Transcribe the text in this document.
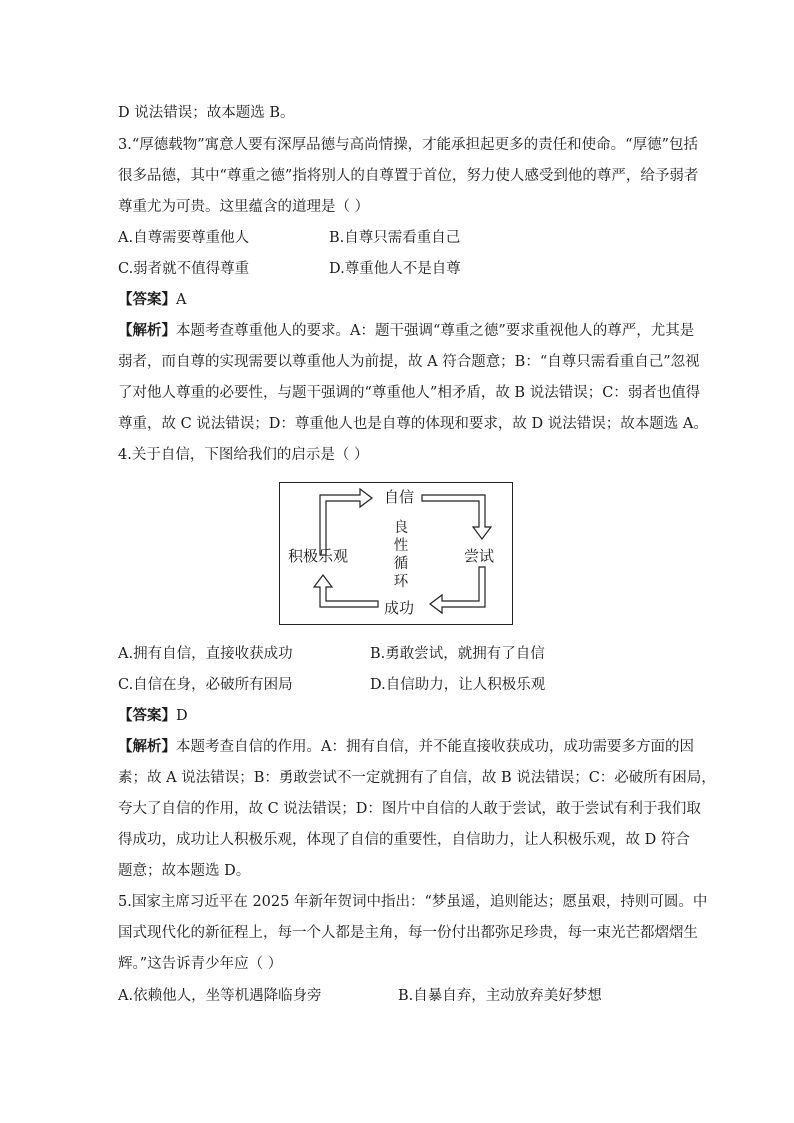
D 说法错误；故本题选 B。
3.“厚德载物”寓意人要有深厚品德与高尚情操，才能承担起更多的责任和使命。“厚德”包括
很多品德，其中“尊重之德”指将别人的自尊置于首位，努力使人感受到他的尊严，给予弱者
尊重尤为可贵。这里蕴含的道理是（ ）
A.自尊需要尊重他人	B.自尊只需看重自己
C.弱者就不值得尊重	D.尊重他人不是自尊
【答案】A
【解析】本题考查尊重他人的要求。A：题干强调“尊重之德”要求重视他人的尊严，尤其是
弱者，而自尊的实现需要以尊重他人为前提，故 A 符合题意；B：“自尊只需看重自己”忽视
了对他人尊重的必要性，与题干强调的“尊重他人”相矛盾，故 B 说法错误；C：弱者也值得
尊重，故 C 说法错误；D：尊重他人也是自尊的体现和要求，故 D 说法错误；故本题选 A。
4.关于自信，下图给我们的启示是（ ）
自信
尝试
成功
积极乐观
良
性
循
环
A.拥有自信，直接收获成功	B.勇敢尝试，就拥有了自信
C.自信在身，必破所有困局	D.自信助力，让人积极乐观
【答案】D
【解析】本题考查自信的作用。A：拥有自信，并不能直接收获成功，成功需要多方面的因
素；故 A 说法错误；B：勇敢尝试不一定就拥有了自信，故 B 说法错误；C：必破所有困局，
夸大了自信的作用，故 C 说法错误；D：图片中自信的人敢于尝试，敢于尝试有利于我们取
得成功，成功让人积极乐观，体现了自信的重要性，自信助力，让人积极乐观，故 D 符合
题意；故本题选 D。
5.国家主席习近平在 2025 年新年贺词中指出：“梦虽遥，追则能达；愿虽艰，持则可圆。中
国式现代化的新征程上，每一个人都是主角，每一份付出都弥足珍贵，每一束光芒都熠熠生
辉。”这告诉青少年应（ ）
A.依赖他人，坐等机遇降临身旁	B.自暴自弃，主动放弃美好梦想
